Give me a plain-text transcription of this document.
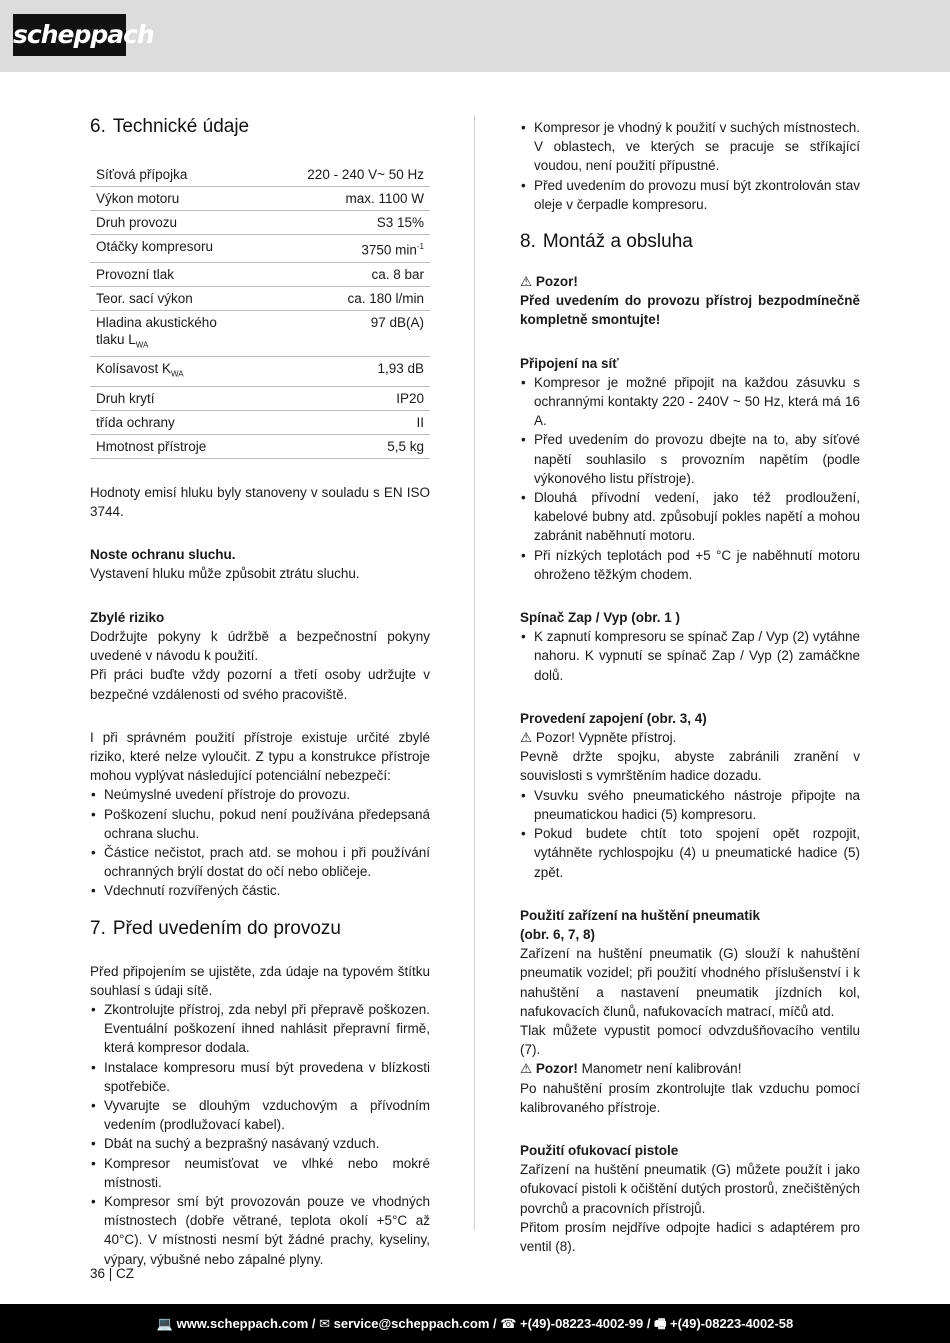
scheppach
6. Technické údaje
Síťová přípojka	220 - 240 V~ 50 Hz
Výkon motoru	max. 1100 W
Druh provozu	S3 15%
Otáčky kompresoru	3750 $\min^{-1}$
Provozní tlak	ca. 8 bar
Teor. sací výkon	ca. 180 l/min
Hladina akustického tlaku $L_{WA}$	97 dB(A)
Kolísavost $K_{WA}$	1,93 dB
Druh krytí	IP20
třída ochrany	II
Hmotnost přístroje	5,5 kg

Hodnoty emisí hluku byly stanoveny v souladu s EN ISO 3744.

Noste ochranu sluchu.

Vystavení hluku může způsobit ztrátu sluchu.

Zbylé riziko

Dodržujte pokyny k údržbě a bezpečnostní pokyny uvedené v návodu k použití.

Při práci buďte vždy pozorní a třetí osoby udržujte v bezpečné vzdálenosti od svého pracoviště.

I při správném použití přístroje existuje určité zbylé riziko, které nelze vyloučit. Z typu a konstrukce přístroje mohou vyplývat následující potenciální nebezpečí:

• Neúmyslné uvedení přístroje do provozu.
• Poškození sluchu, pokud není používána předepsaná ochrana sluchu.
• Částice nečistot, prach atd. se mohou i při používání ochranných brýlí dostat do očí nebo obličeje.
• Vdechnutí rozvířených částic.
7. Před uvedením do provozu

Před připojením se ujistěte, zda údaje na typovém štítku souhlasí s údaji sítě.

• Zkontrolujte přístroj, zda nebyl při přepravě poškozen. Eventuální poškození ihned nahlásit přepravní firmě, která kompresor dodala.
• Instalace kompresoru musí být provedena v blízkosti spotřebiče.
• Vyvarujte se dlouhým vzduchovým a přívodním vedením (prodlužovací kabel).
• Dbát na suchý a bezprašný nasávaný vzduch.
• Kompresor neumisťovat ve vlhké nebo mokré místnosti.
• Kompresor smí být provozován pouze ve vhodných místnostech (dobře větrané, teplota okolí +5°C až 40°C). V místnosti nesmí být žádné prachy, kyseliny, výpary, výbušné nebo zápalné plyny.
• Kompresor je vhodný k použití v suchých místnostech. V oblastech, ve kterých se pracuje se stříkající voudou, není použití přípustné.
• Před uvedením do provozu musí být zkontrolován stav oleje v čerpadle kompresoru.
8. Montáž a obsluha

⚠ Pozor!

Před uvedením do provozu přístroj bezpodmínečně kompletně smontujte!

Připojení na síť

• Kompresor je možné připojit na každou zásuvku s ochrannými kontakty 220 - 240V ~ 50 Hz, která má 16 A.
• Před uvedením do provozu dbejte na to, aby síťové napětí souhlasilo s provozním napětím (podle výkonového listu přístroje).
• Dlouhá přívodní vedení, jako též prodloužení, kabelové bubny atd. způsobují pokles napětí a mohou zabránit naběhnutí motoru.
• Při nízkých teplotách pod +5 °C je naběhnutí motoru ohroženo těžkým chodem.

Spínač Zap / Vyp (obr. 1 )

• K zapnutí kompresoru se spínač Zap / Vyp (2) vytáhne nahoru. K vypnutí se spínač Zap / Vyp (2) zamáčkne dolů.

Provedení zapojení (obr. 3, 4)

⚠ Pozor! Vypněte přístroj.

Pevně držte spojku, abyste zabránili zranění v souvislosti s vymrštěním hadice dozadu.

• Vsuvku svého pneumatického nástroje připojte na pneumatickou hadici (5) kompresoru.
• Pokud budete chtít toto spojení opět rozpojit, vytáhněte rychlospojku (4) u pneumatické hadice (5) zpět.

Použití zařízení na huštění pneumatik

(obr. 6, 7, 8)

Zařízení na huštění pneumatik (G) slouží k nahuštění pneumatik vozidel; při použití vhodného příslušenství i k nahuštění a nastavení pneumatik jízdních kol, nafukovacích člunů, nafukovacích matrací, míčů atd.

Tlak můžete vypustit pomocí odvzdušňovacího ventilu (7).

⚠ Pozor! Manometr není kalibrován!

Po nahuštění prosím zkontrolujte tlak vzduchu pomocí kalibrovaného přístroje.

Použití ofukovací pistole

Zařízení na huštění pneumatik (G) můžete použít i jako ofukovací pistoli k očištění dutých prostorů, znečištěných povrchů a pracovních přístrojů.

Přitom prosím nejdříve odpojte hadici s adaptérem pro ventil (8).

36 | CZ
💻 www.scheppach.com / ✉ service@scheppach.com / ☎ +(49)-08223-4002-99 / 🖷 +(49)-08223-4002-58
